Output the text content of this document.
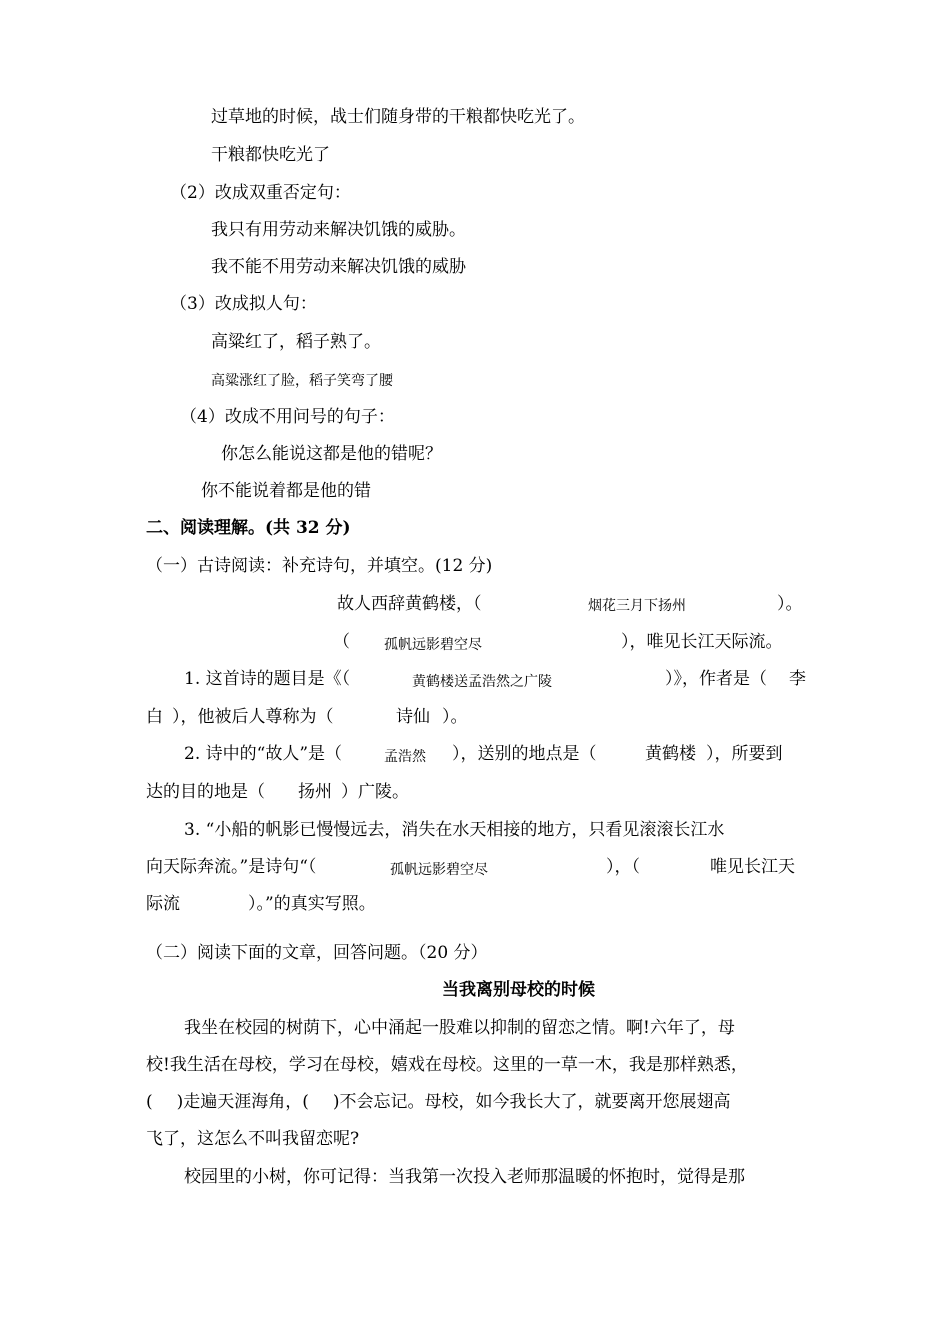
过草地的时候，战士们随身带的干粮都快吃光了。
干粮都快吃光了
（2）改成双重否定句：
我只有用劳动来解决饥饿的威胁。
我不能不用劳动来解决饥饿的威胁
（3）改成拟人句：
高粱红了，稻子熟了。
高粱涨红了脸，稻子笑弯了腰
（4）改成不用问号的句子：
你怎么能说这都是他的错呢？
你不能说着都是他的错
二、阅读理解。(共 32 分)
（一）古诗阅读：补充诗句，并填空。(12 分)
故人西辞黄鹤楼，（	烟花三月下扬州	）。
（ 孤帆远影碧空尽	），唯见长江天际流。
1. 这首诗的题目是《（	黄鹤楼送孟浩然之广陵	）》，作者是（ 李
白 ），他被后人尊称为（	诗仙 ）。
2. 诗中的“故人”是（	孟浩然 ），送别的地点是（	黄鹤楼 ），所要到
达的目的地是（ 扬州 ）广陵。
3. “小船的帆影已慢慢远去，消失在水天相接的地方，只看见滚滚长江水
向天际奔流。”是诗句“（	孤帆远影碧空尽	），（	唯见长江天
际流	）。”的真实写照。
（二）阅读下面的文章，回答问题。（20 分）
当我离别母校的时候
我坐在校园的树荫下，心中涌起一股难以抑制的留恋之情。啊!六年了，母
校!我生活在母校，学习在母校，嬉戏在母校。这里的一草一木，我是那样熟悉，
( )走遍天涯海角，( )不会忘记。母校，如今我长大了，就要离开您展翅高
飞了，这怎么不叫我留恋呢?
校园里的小树，你可记得：当我第一次投入老师那温暖的怀抱时，觉得是那
